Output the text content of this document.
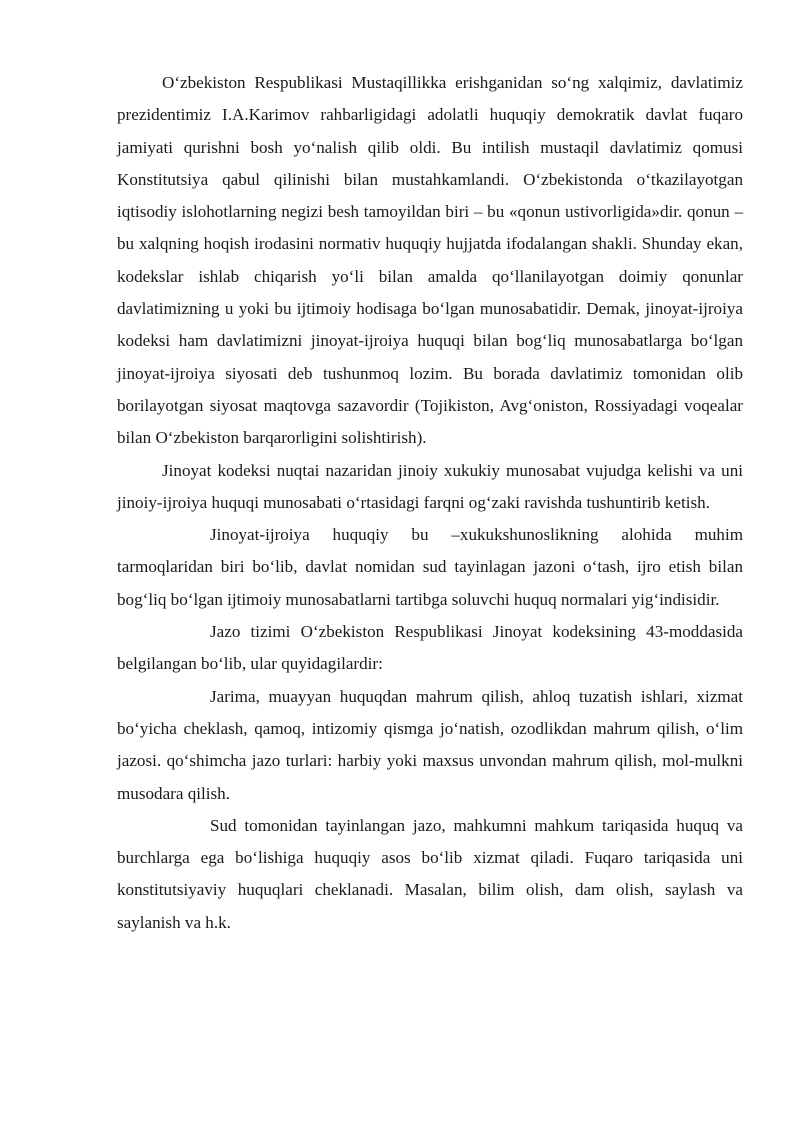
O‘zbekiston Respublikasi Mustaqillikka erishganidan so‘ng xalqimiz, davlatimiz prezidentimiz I.A.Karimov rahbarligidagi adolatli huquqiy demokratik davlat fuqaro jamiyati qurishni bosh yo‘nalish qilib oldi. Bu intilish mustaqil davlatimiz qomusi Konstitutsiya qabul qilinishi bilan mustahkamlandi. O‘zbekistonda o‘tkazilayotgan iqtisodiy islohotlarning negizi besh tamoyildan biri – bu «qonun ustivorligida»dir. qonun – bu xalqning hoqish irodasini normativ huquqiy hujjatda ifodalangan shakli. Shunday ekan, kodekslar ishlab chiqarish yo‘li bilan amalda qo‘llanilayotgan doimiy qonunlar davlatimizning u yoki bu ijtimoiy hodisaga bo‘lgan munosabatidir. Demak, jinoyat-ijroiya kodeksi ham davlatimizni jinoyat-ijroiya huquqi bilan bog‘liq munosabatlarga bo‘lgan jinoyat-ijroiya siyosati deb tushunmoq lozim. Bu borada davlatimiz tomonidan olib borilayotgan siyosat maqtovga sazavordir (Tojikiston, Avg‘oniston, Rossiyadagi voqealar bilan O‘zbekiston barqarorligini solishtirish).

Jinoyat kodeksi nuqtai nazaridan jinoiy xukukiy munosabat vujudga kelishi va uni jinoiy-ijroiya huquqi munosabati o‘rtasidagi farqni og‘zaki ravishda tushuntirib ketish.

Jinoyat-ijroiya huquqiy bu –xukukshunoslikning alohida muhim tarmoqlaridan biri bo‘lib, davlat nomidan sud tayinlagan jazoni o‘tash, ijro etish bilan bog‘liq bo‘lgan ijtimoiy munosabatlarni tartibga soluvchi huquq normalari yig‘indisidir.

Jazo tizimi O‘zbekiston Respublikasi Jinoyat kodeksining 43-moddasida belgilangan bo‘lib, ular quyidagilardir:

Jarima, muayyan huquqdan mahrum qilish, ahloq tuzatish ishlari, xizmat bo‘yicha cheklash, qamoq, intizomiy qismga jo‘natish, ozodlikdan mahrum qilish, o‘lim jazosi. qo‘shimcha jazo turlari: harbiy yoki maxsus unvondan mahrum qilish, mol-mulkni musodara qilish.

Sud tomonidan tayinlangan jazo, mahkumni mahkum tariqasida huquq va burchlarga ega bo‘lishiga huquqiy asos bo‘lib xizmat qiladi. Fuqaro tariqasida uni konstitutsiyaviy huquqlari cheklanadi. Masalan, bilim olish, dam olish, saylash va saylanish va h.k.
